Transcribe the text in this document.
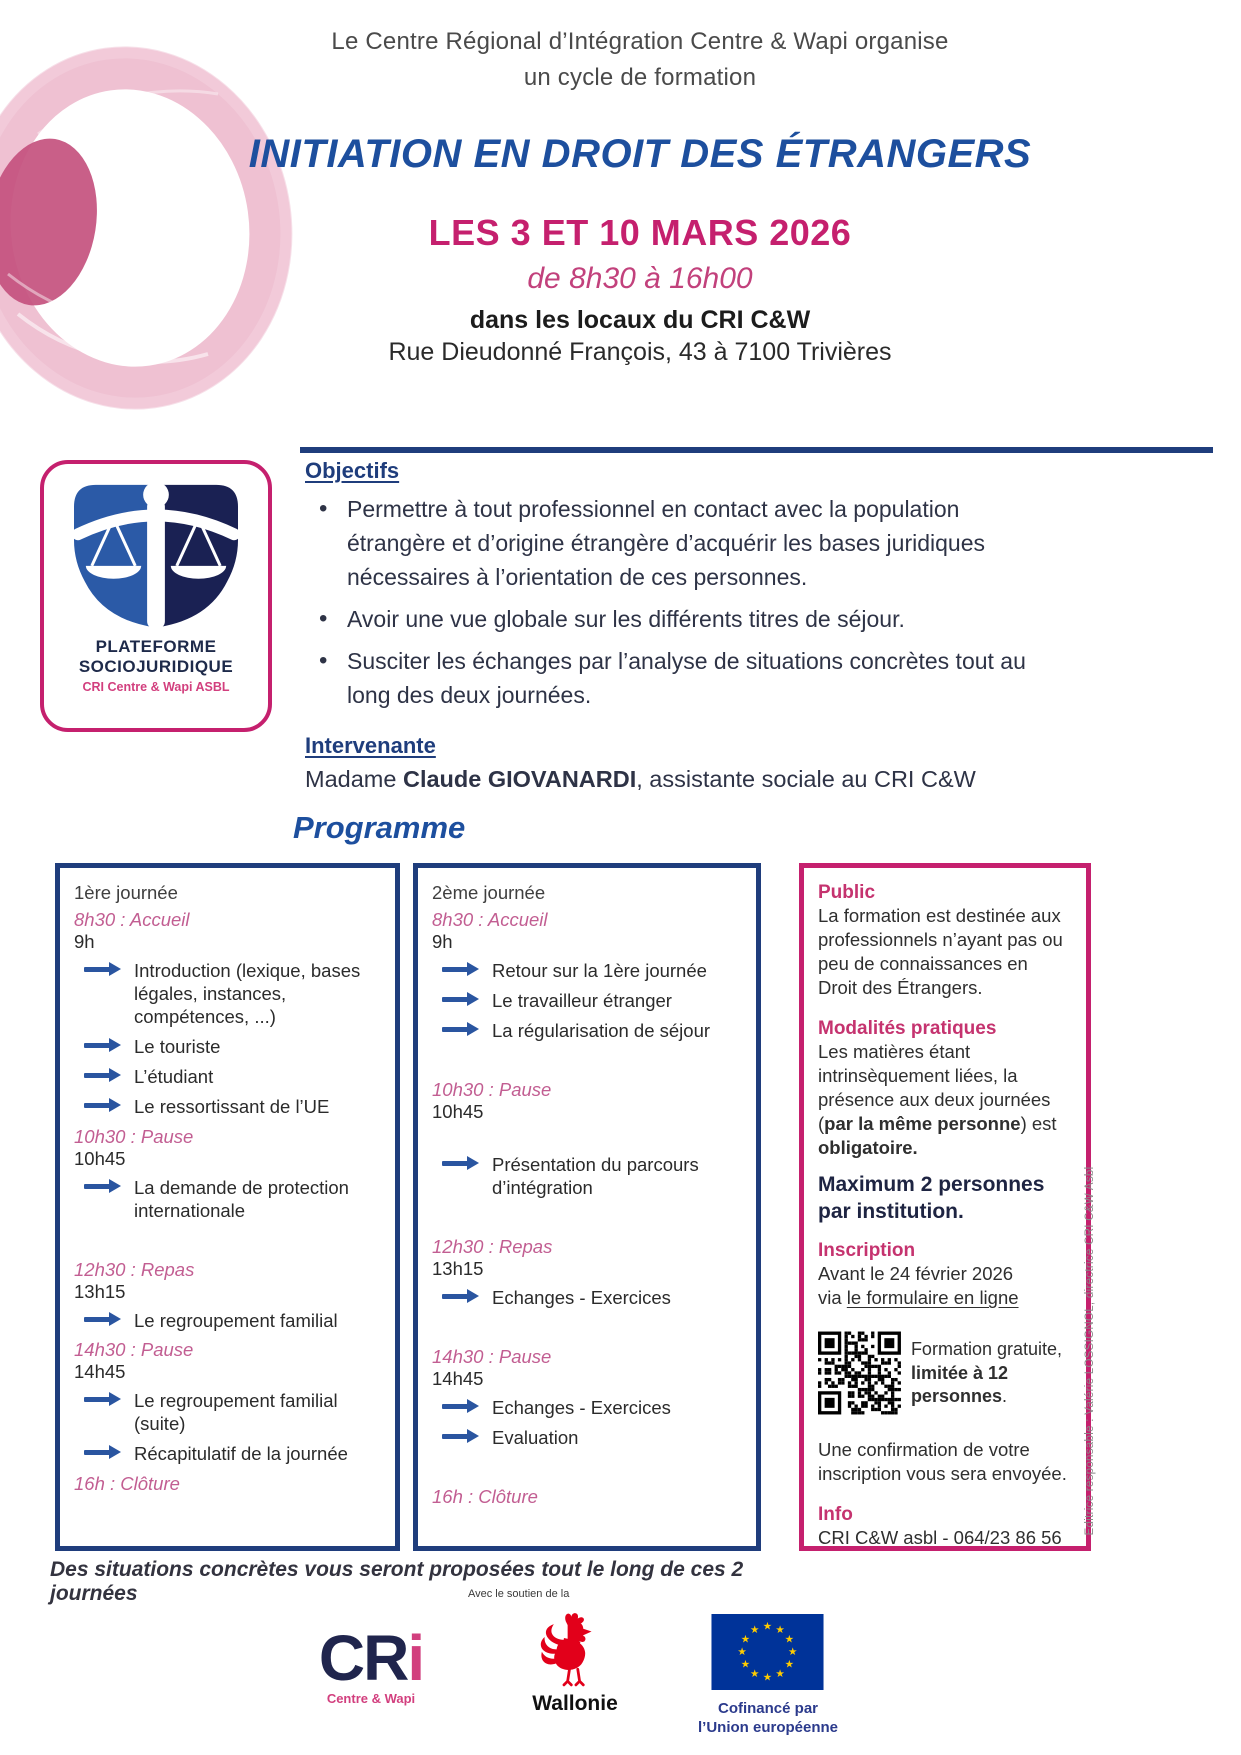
Le Centre Régional d’Intégration Centre & Wapi organise
un cycle de formation
INITIATION EN DROIT DES ÉTRANGERS
LES 3 ET 10 MARS 2026
de 8h30 à 16h00
dans les locaux du CRI C&W
Rue Dieudonné François, 43 à 7100 Trivières
PLATEFORME
SOCIOJURIDIQUE
CRI Centre & Wapi ASBL
Objectifs
• Permettre à tout professionnel en contact avec la population étrangère et d’origine étrangère d’acquérir les bases juridiques nécessaires à l’orientation de ces personnes.
• Avoir une vue globale sur les différents titres de séjour.
• Susciter les échanges par l’analyse de situations concrètes tout au long des deux journées.
Intervenante
Madame Claude GIOVANARDI, assistante sociale au CRI C&W
Programme
1ère journée
8h30 : Accueil
9h
Introduction (lexique, bases légales, instances, compétences, ...)
Le touriste
L’étudiant
Le ressortissant de l’UE
10h30 : Pause
10h45
La demande de protection internationale
12h30 : Repas
13h15
Le regroupement familial
14h30 : Pause
14h45
Le regroupement familial (suite)
Récapitulatif de la journée
16h : Clôture
2ème journée
8h30 : Accueil
9h
Retour sur la 1ère journée
Le travailleur étranger
La régularisation de séjour
10h30 : Pause
10h45
Présentation du parcours d’intégration
12h30 : Repas
13h15
Echanges - Exercices
14h30 : Pause
14h45
Echanges - Exercices
Evaluation
16h : Clôture
Public
La formation est destinée aux professionnels n’ayant pas ou peu de connaissances en Droit des Étrangers.
Modalités pratiques
Les matières étant intrinsèquement liées, la présence aux deux journées (par la même personne) est obligatoire.
Maximum 2 personnes par institution.
Inscription
Avant le 24 février 2026
via le formulaire en ligne
Formation gratuite,
limitée à 12 personnes.
Une confirmation de votre inscription vous sera envoyée.
Info
CRI C&W asbl - 064/23 86 56
Des situations concrètes vous seront proposées tout le long de ces 2 journées
CRi
Centre & Wapi
Avec le soutien de la
Wallonie
★ ★
★
★
★
★
★
★
★
★
★
★
Cofinancé par
l’Union européenne
Editrice responsable : Valérie LOSSIGNOL, directrice CRI C&W Asbl
